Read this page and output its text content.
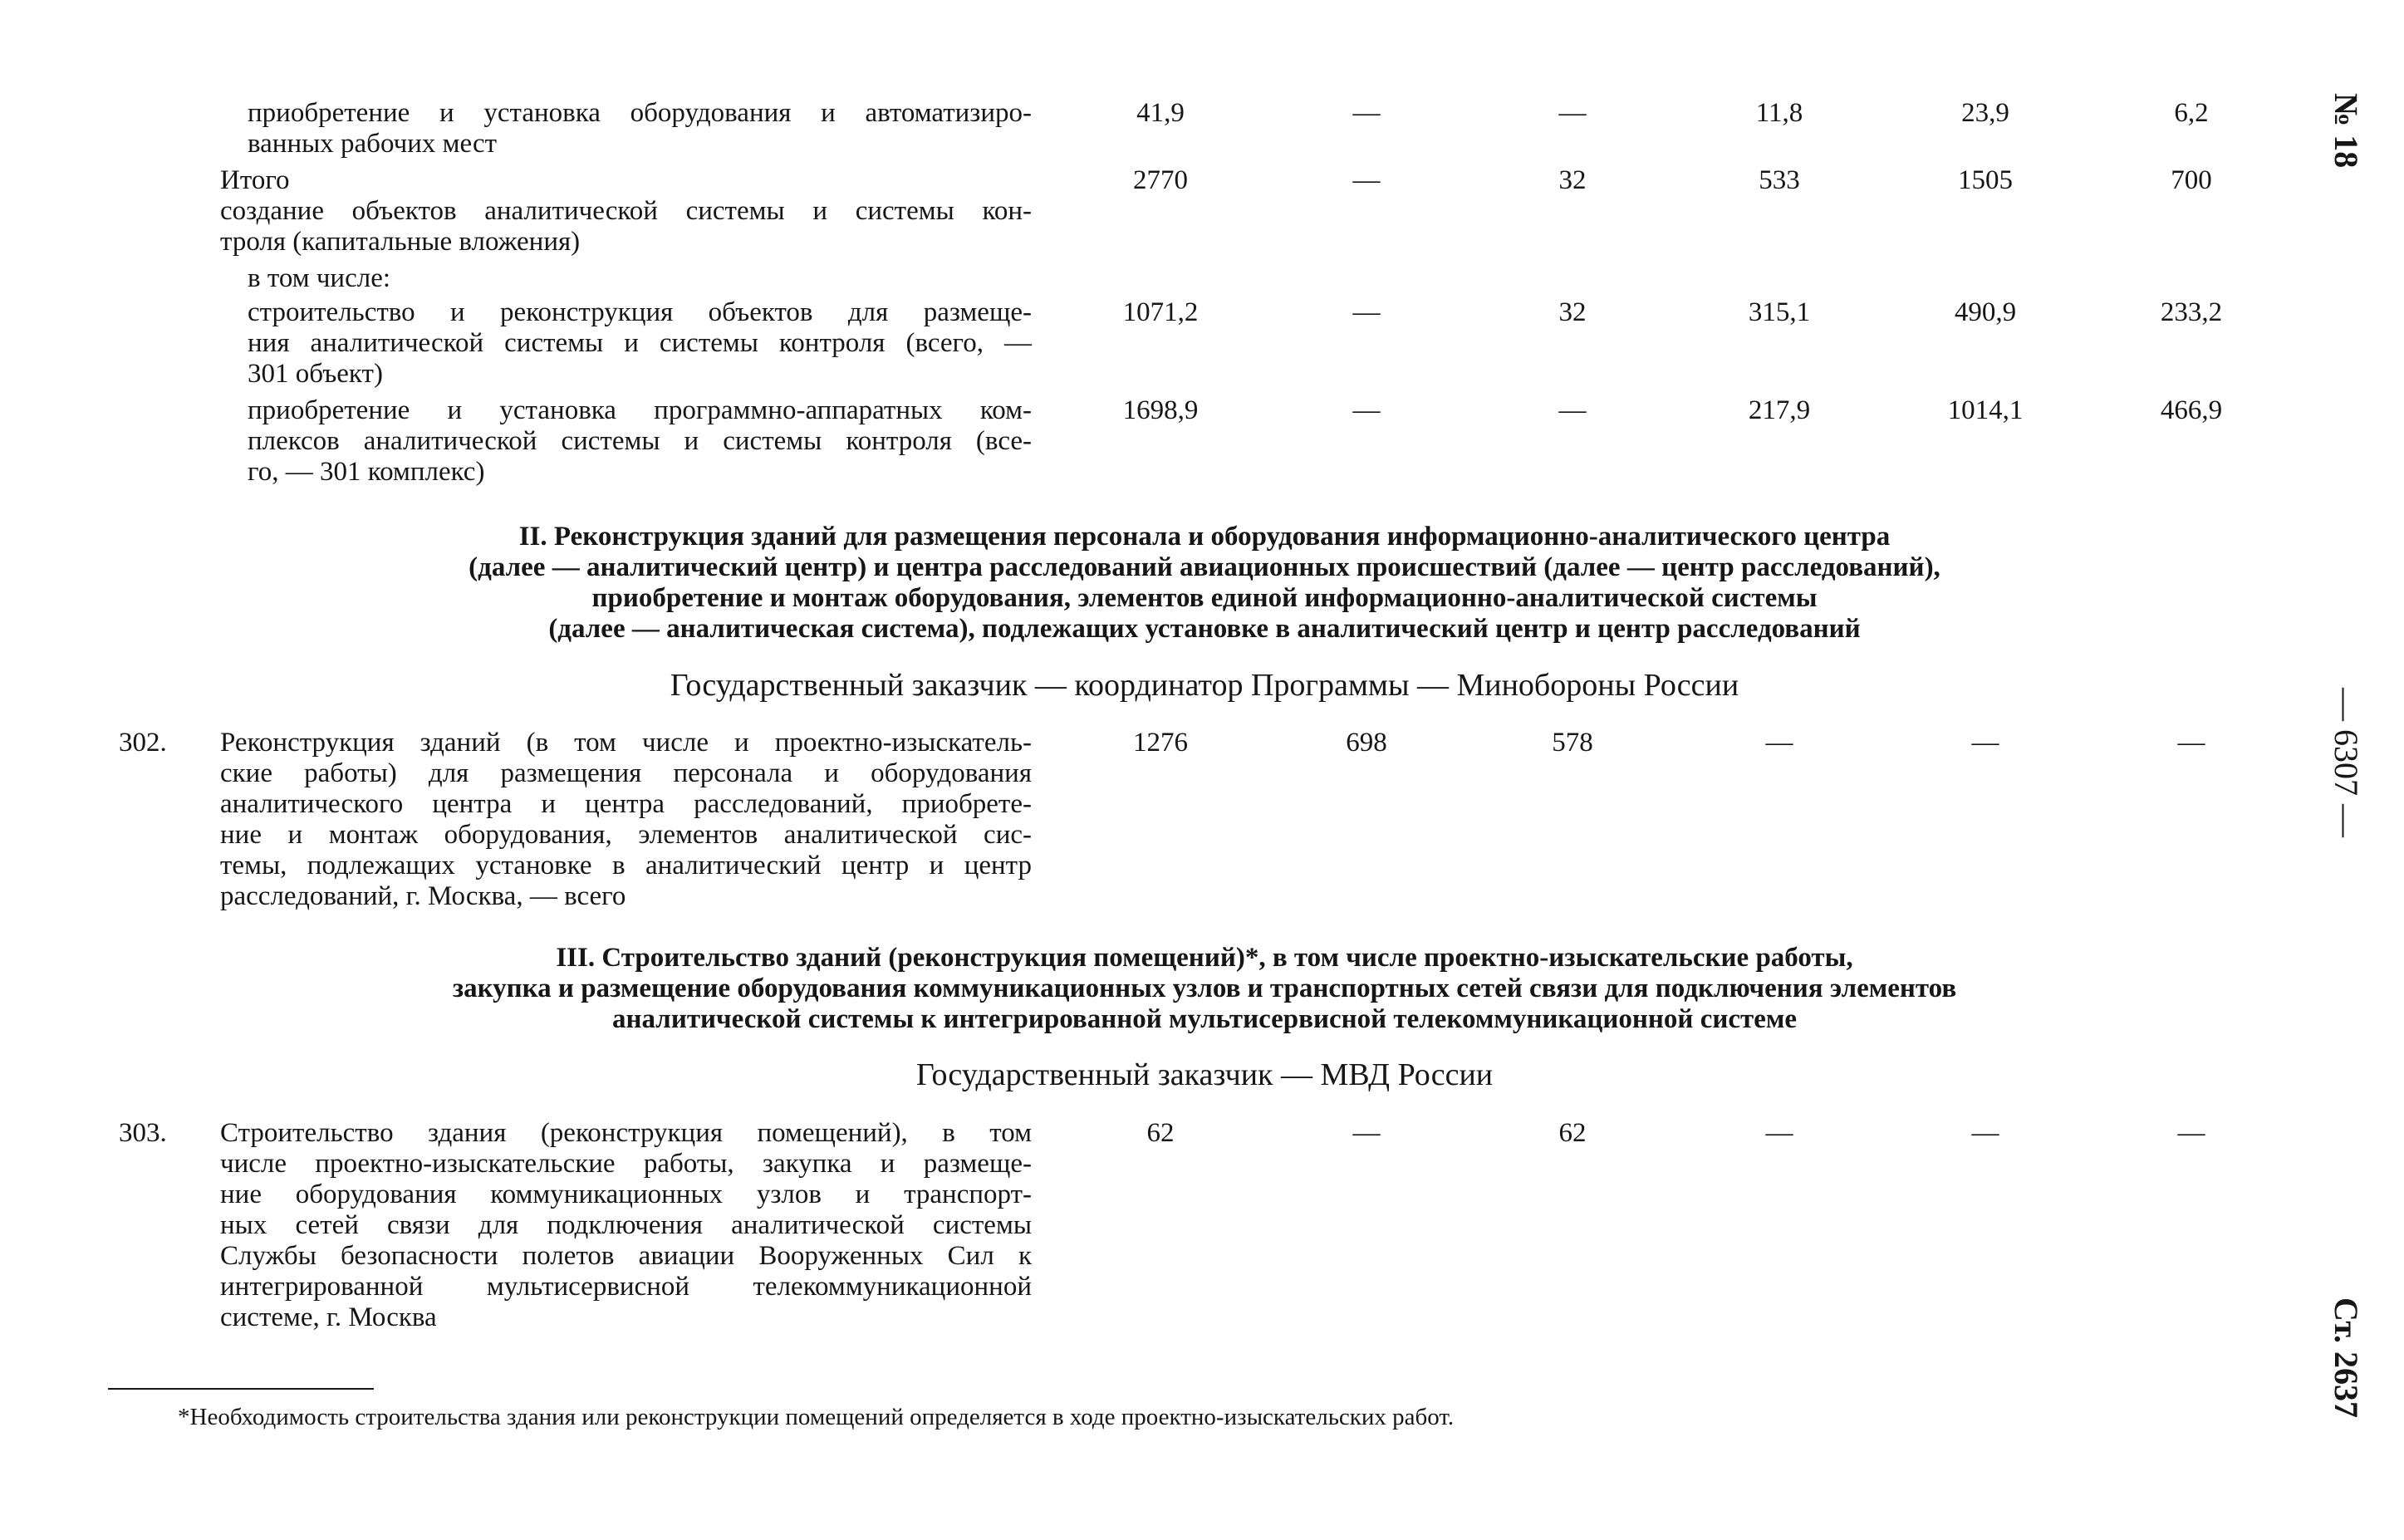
приобретение и установка оборудования и автоматизиро-
ванных рабочих мест
41,9	—	—	11,8	23,9	6,2
Итого
создание объектов аналитической системы и системы кон-
троля (капитальные вложения)
2770	—	32	533	1505	700
в том числе:
строительство и реконструкция объектов для размеще-
ния аналитической системы и системы контроля (всего, —
301 объект)
1071,2	—	32	315,1	490,9	233,2
приобретение и установка программно-аппаратных ком-
плексов аналитической системы и системы контроля (все-
го, — 301 комплекс)
1698,9	—	—	217,9	1014,1	466,9
II. Реконструкция зданий для размещения персонала и оборудования информационно-аналитического центра
(далее — аналитический центр) и центра расследований авиационных происшествий (далее — центр расследований),
приобретение и монтаж оборудования, элементов единой информационно-аналитической системы
(далее — аналитическая система), подлежащих установке в аналитический центр и центр расследований
Государственный заказчик — координатор Программы — Минобороны России
302. Реконструкция зданий (в том числе и проектно-изыскатель-
ские работы) для размещения персонала и оборудования
аналитического центра и центра расследований, приобрете-
ние и монтаж оборудования, элементов аналитической сис-
темы, подлежащих установке в аналитический центр и центр
расследований, г. Москва, — всего
1276	698	578	—	—	—
III. Строительство зданий (реконструкция помещений)*, в том числе проектно-изыскательские работы,
закупка и размещение оборудования коммуникационных узлов и транспортных сетей связи для подключения элементов
аналитической системы к интегрированной мультисервисной телекоммуникационной системе
Государственный заказчик — МВД России
303. Строительство здания (реконструкция помещений), в том
числе проектно-изыскательские работы, закупка и размеще-
ние оборудования коммуникационных узлов и транспорт-
ных сетей связи для подключения аналитической системы
Службы безопасности полетов авиации Вооруженных Сил к
интегрированной мультисервисной телекоммуникационной
системе, г. Москва
62	—	62	—	—	—
*Необходимость строительства здания или реконструкции помещений определяется в ходе проектно-изыскательских работ.
№ 18
— 6307 —
Ст. 2637
